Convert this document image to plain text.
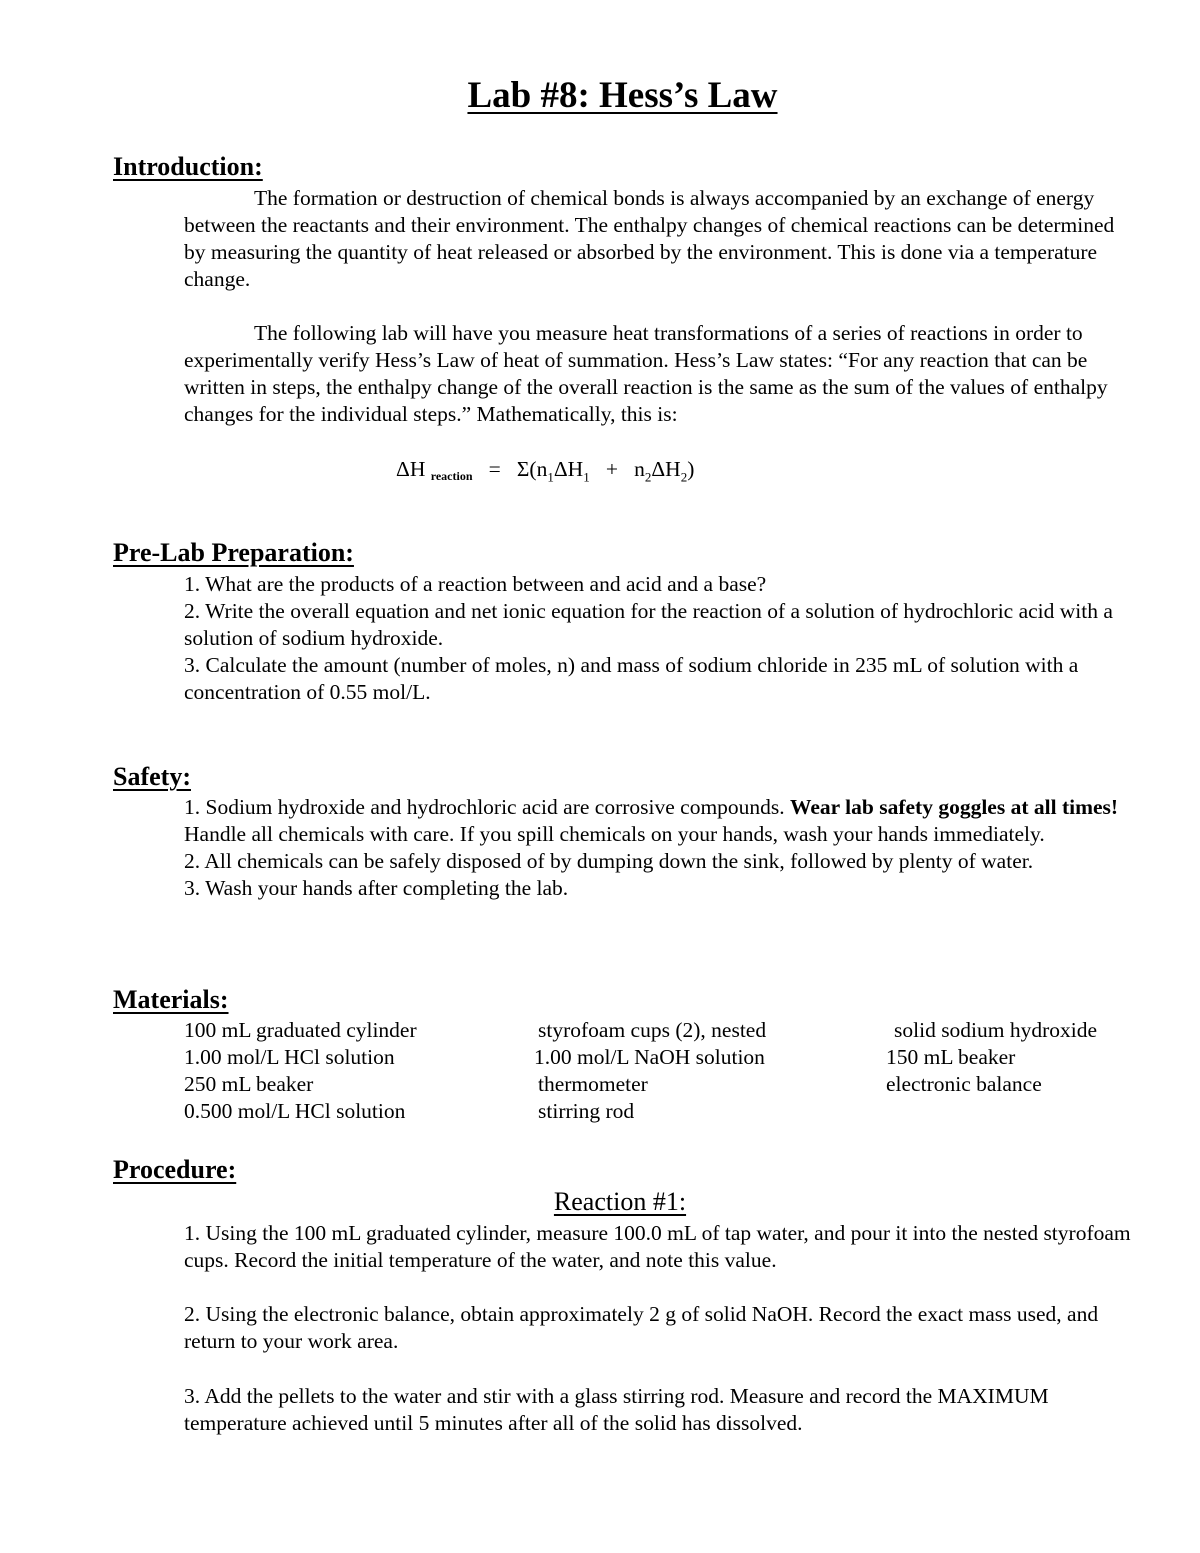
Lab #8: Hess’s Law
Introduction:

The formation or destruction of chemical bonds is always accompanied by an exchange of energy between the reactants and their environment. The enthalpy changes of chemical reactions can be determined by measuring the quantity of heat released or absorbed by the environment. This is done via a temperature change.

The following lab will have you measure heat transformations of a series of reactions in order to experimentally verify Hess’s Law of heat of summation. Hess’s Law states: “For any reaction that can be written in steps, the enthalpy change of the overall reaction is the same as the sum of the values of enthalpy changes for the individual steps.” Mathematically, this is:

ΔH reaction = $\Sigma(n_1\Delta H_1 + n_2\Delta H_2)$
Pre-Lab Preparation:

1. What are the products of a reaction between and acid and a base?

2. Write the overall equation and net ionic equation for the reaction of a solution of hydrochloric acid with a solution of sodium hydroxide.

3. Calculate the amount (number of moles, n) and mass of sodium chloride in 235 mL of solution with a concentration of 0.55 mol/L.

Safety:

1. Sodium hydroxide and hydrochloric acid are corrosive compounds. Wear lab safety goggles at all times! Handle all chemicals with care. If you spill chemicals on your hands, wash your hands immediately.

2. All chemicals can be safely disposed of by dumping down the sink, followed by plenty of water.

3. Wash your hands after completing the lab.

Materials:
100 mL graduated cylinder
1.00 mol/L HCl solution
250 mL beaker
0.500 mol/L HCl solution
styrofoam cups (2), nested
1.00 mol/L NaOH solution
thermometer
stirring rod
solid sodium hydroxide
150 mL beaker
electronic balance
Procedure:
Reaction #1:

1. Using the 100 mL graduated cylinder, measure 100.0 mL of tap water, and pour it into the nested styrofoam cups. Record the initial temperature of the water, and note this value.

2. Using the electronic balance, obtain approximately 2 g of solid NaOH. Record the exact mass used, and return to your work area.

3. Add the pellets to the water and stir with a glass stirring rod. Measure and record the MAXIMUM temperature achieved until 5 minutes after all of the solid has dissolved.
